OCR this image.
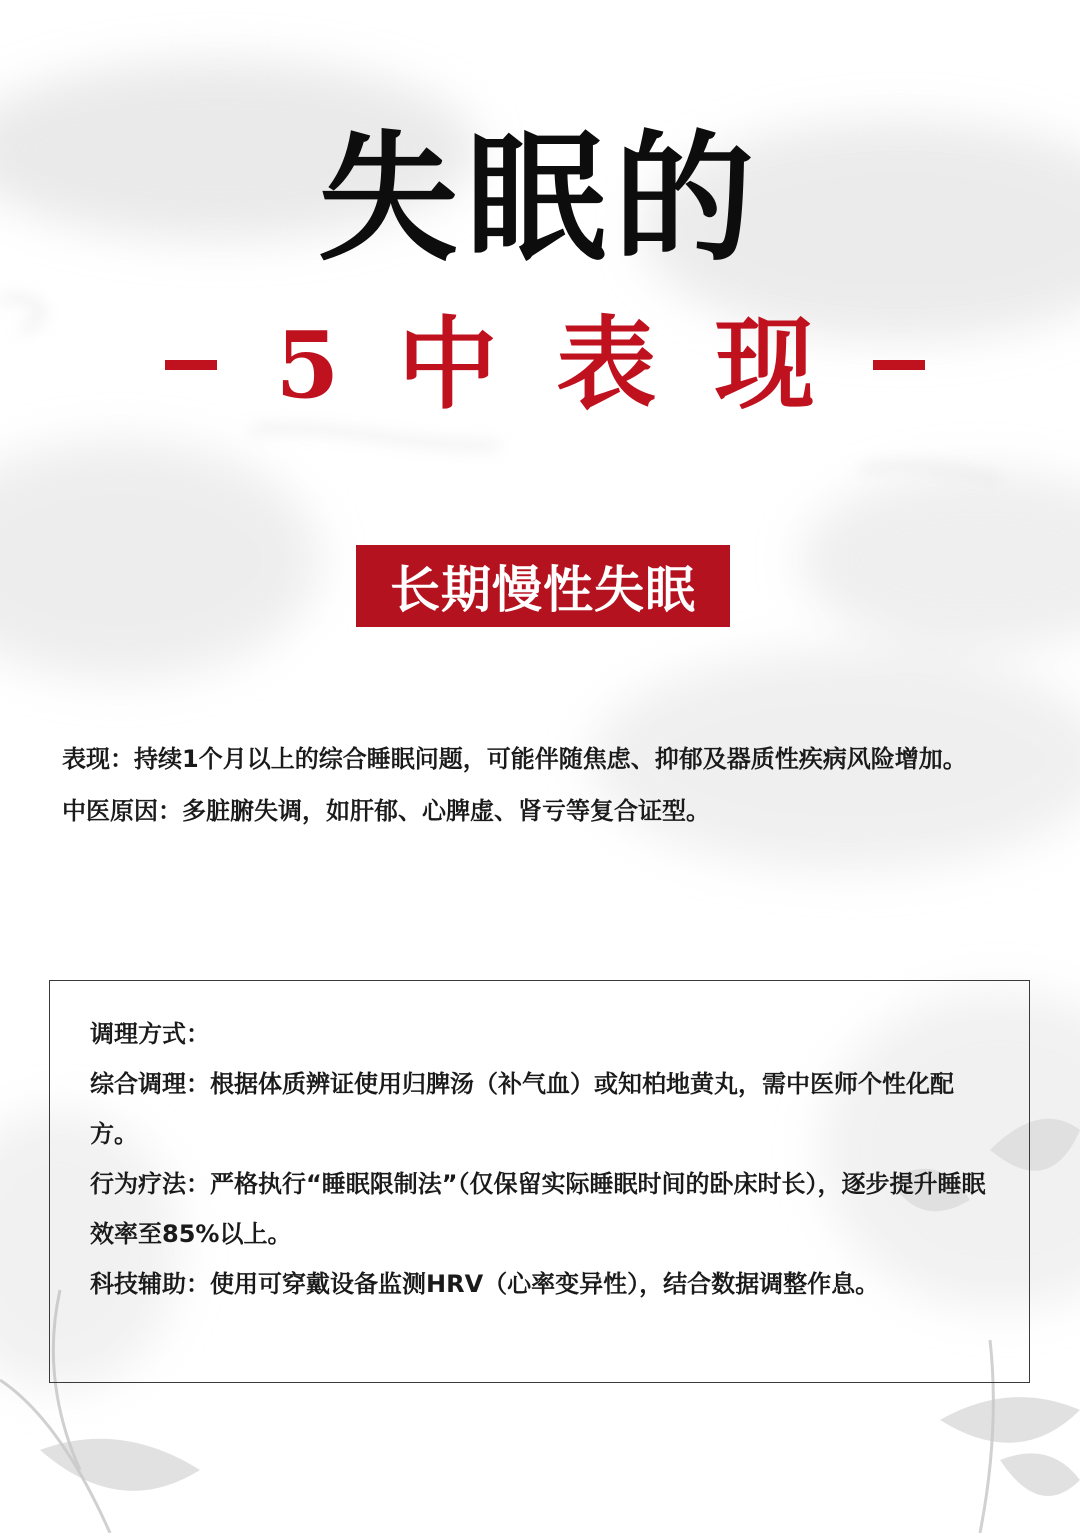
失眠的
5 中 表 现
长期慢性失眠

表现：持续1个月以上的综合睡眠问题，可能伴随焦虑、抑郁及器质性疾病风险增加。

中医原因：多脏腑失调，如肝郁、心脾虚、肾亏等复合证型。

调理方式：

综合调理：根据体质辨证使用归脾汤（补气血）或知柏地黄丸，需中医师个性化配方。

行为疗法：严格执行“睡眠限制法”（仅保留实际睡眠时间的卧床时长），逐步提升睡眠效率至85%以上。

科技辅助：使用可穿戴设备监测HRV（心率变异性），结合数据调整作息。
